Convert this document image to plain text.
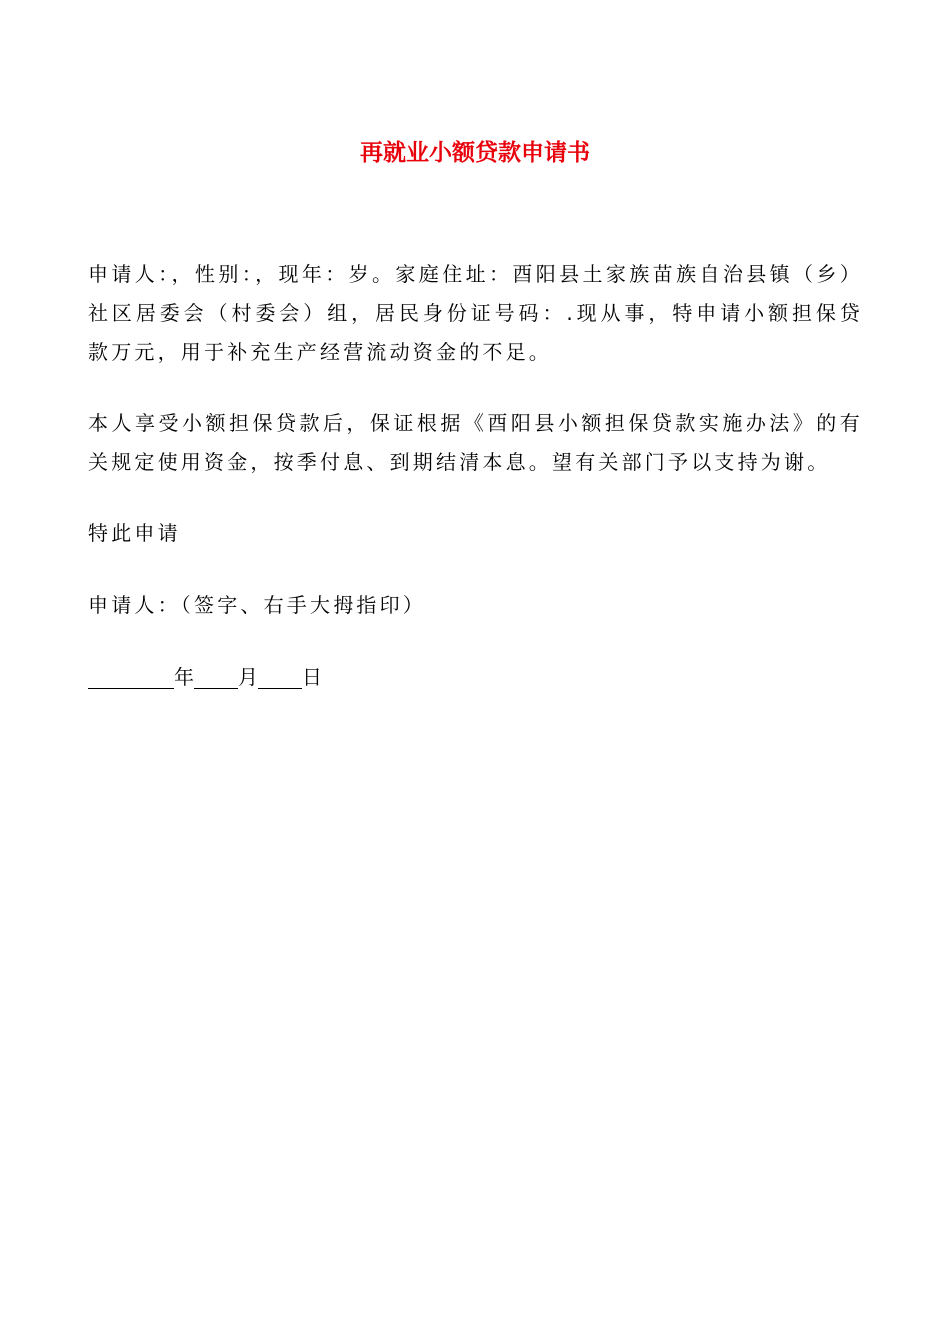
再就业小额贷款申请书

申请人：，性别：，现年：岁。家庭住址：酉阳县土家族苗族自治县镇（乡）社区居委会（村委会）组，居民身份证号码：.现从事，特申请小额担保贷款万元，用于补充生产经营流动资金的不足。

本人享受小额担保贷款后，保证根据《酉阳县小额担保贷款实施办法》的有关规定使用资金，按季付息、到期结清本息。望有关部门予以支持为谢。

特此申请

申请人：（签字、右手大拇指印）

年 月 日
